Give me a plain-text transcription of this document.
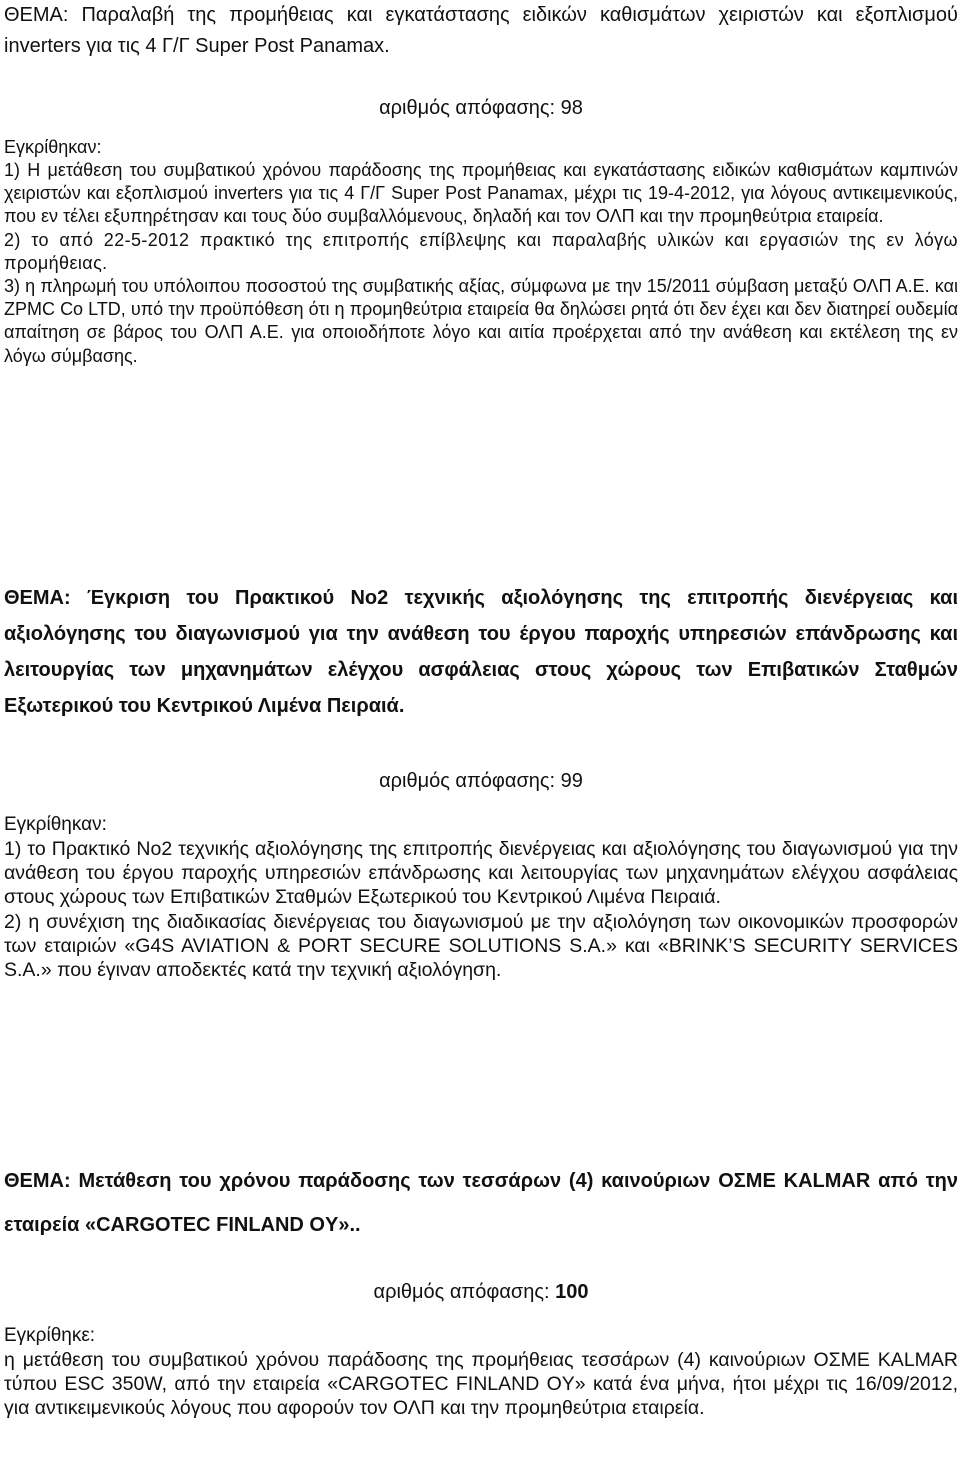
ΘΕΜΑ: Παραλαβή της προμήθειας και εγκατάστασης ειδικών καθισμάτων χειριστών και εξοπλισμού inverters για τις 4 Γ/Γ Super Post Panamax.

αριθμός απόφασης: 98

Εγκρίθηκαν:

1) Η μετάθεση του συμβατικού χρόνου παράδοσης της προμήθειας και εγκατάστασης ειδικών καθισμάτων καμπινών χειριστών και εξοπλισμού inverters για τις 4 Γ/Γ Super Post Panamax, μέχρι τις 19-4-2012, για λόγους αντικειμενικούς, που εν τέλει εξυπηρέτησαν και τους δύο συμβαλλόμενους, δηλαδή και τον ΟΛΠ και την προμηθεύτρια εταιρεία.

2) το από 22-5-2012 πρακτικό της επιτροπής επίβλεψης και παραλαβής υλικών και εργασιών της εν λόγω προμήθειας.

3) η πληρωμή του υπόλοιπου ποσοστού της συμβατικής αξίας, σύμφωνα με την 15/2011 σύμβαση μεταξύ ΟΛΠ Α.Ε. και ZPMC Co LTD, υπό την προϋπόθεση ότι η προμηθεύτρια εταιρεία θα δηλώσει ρητά ότι δεν έχει και δεν διατηρεί ουδεμία απαίτηση σε βάρος του ΟΛΠ Α.Ε. για οποιοδήποτε λόγο και αιτία προέρχεται από την ανάθεση και εκτέλεση της εν λόγω σύμβασης.

ΘΕΜΑ: Έγκριση του Πρακτικού Νο2 τεχνικής αξιολόγησης της επιτροπής διενέργειας και αξιολόγησης του διαγωνισμού για την ανάθεση του έργου παροχής υπηρεσιών επάνδρωσης και λειτουργίας των μηχανημάτων ελέγχου ασφάλειας στους χώρους των Επιβατικών Σταθμών Εξωτερικού του Κεντρικού Λιμένα Πειραιά.

αριθμός απόφασης: 99

Εγκρίθηκαν:

1) το Πρακτικό Νο2 τεχνικής αξιολόγησης της επιτροπής διενέργειας και αξιολόγησης του διαγωνισμού για την ανάθεση του έργου παροχής υπηρεσιών επάνδρωσης και λειτουργίας των μηχανημάτων ελέγχου ασφάλειας στους χώρους των Επιβατικών Σταθμών Εξωτερικού του Κεντρικού Λιμένα Πειραιά.

2) η συνέχιση της διαδικασίας διενέργειας του διαγωνισμού με την αξιολόγηση των οικονομικών προσφορών των εταιριών «G4S AVIATION & PORT SECURE SOLUTIONS S.A.» και «BRINK’S SECURITY SERVICES S.A.» που έγιναν αποδεκτές κατά την τεχνική αξιολόγηση.

ΘΕΜΑ: Μετάθεση του χρόνου παράδοσης των τεσσάρων (4) καινούριων ΟΣΜΕ KALMAR από την εταιρεία «CARGOTEC FINLAND OY»..

αριθμός απόφασης: 100

Εγκρίθηκε:

η μετάθεση του συμβατικού χρόνου παράδοσης της προμήθειας τεσσάρων (4) καινούριων ΟΣΜΕ KALMAR τύπου ESC 350W, από την εταιρεία «CARGOTEC FINLAND OY» κατά ένα μήνα, ήτοι μέχρι τις 16/09/2012, για αντικειμενικούς λόγους που αφορούν τον ΟΛΠ και την προμηθεύτρια εταιρεία.
